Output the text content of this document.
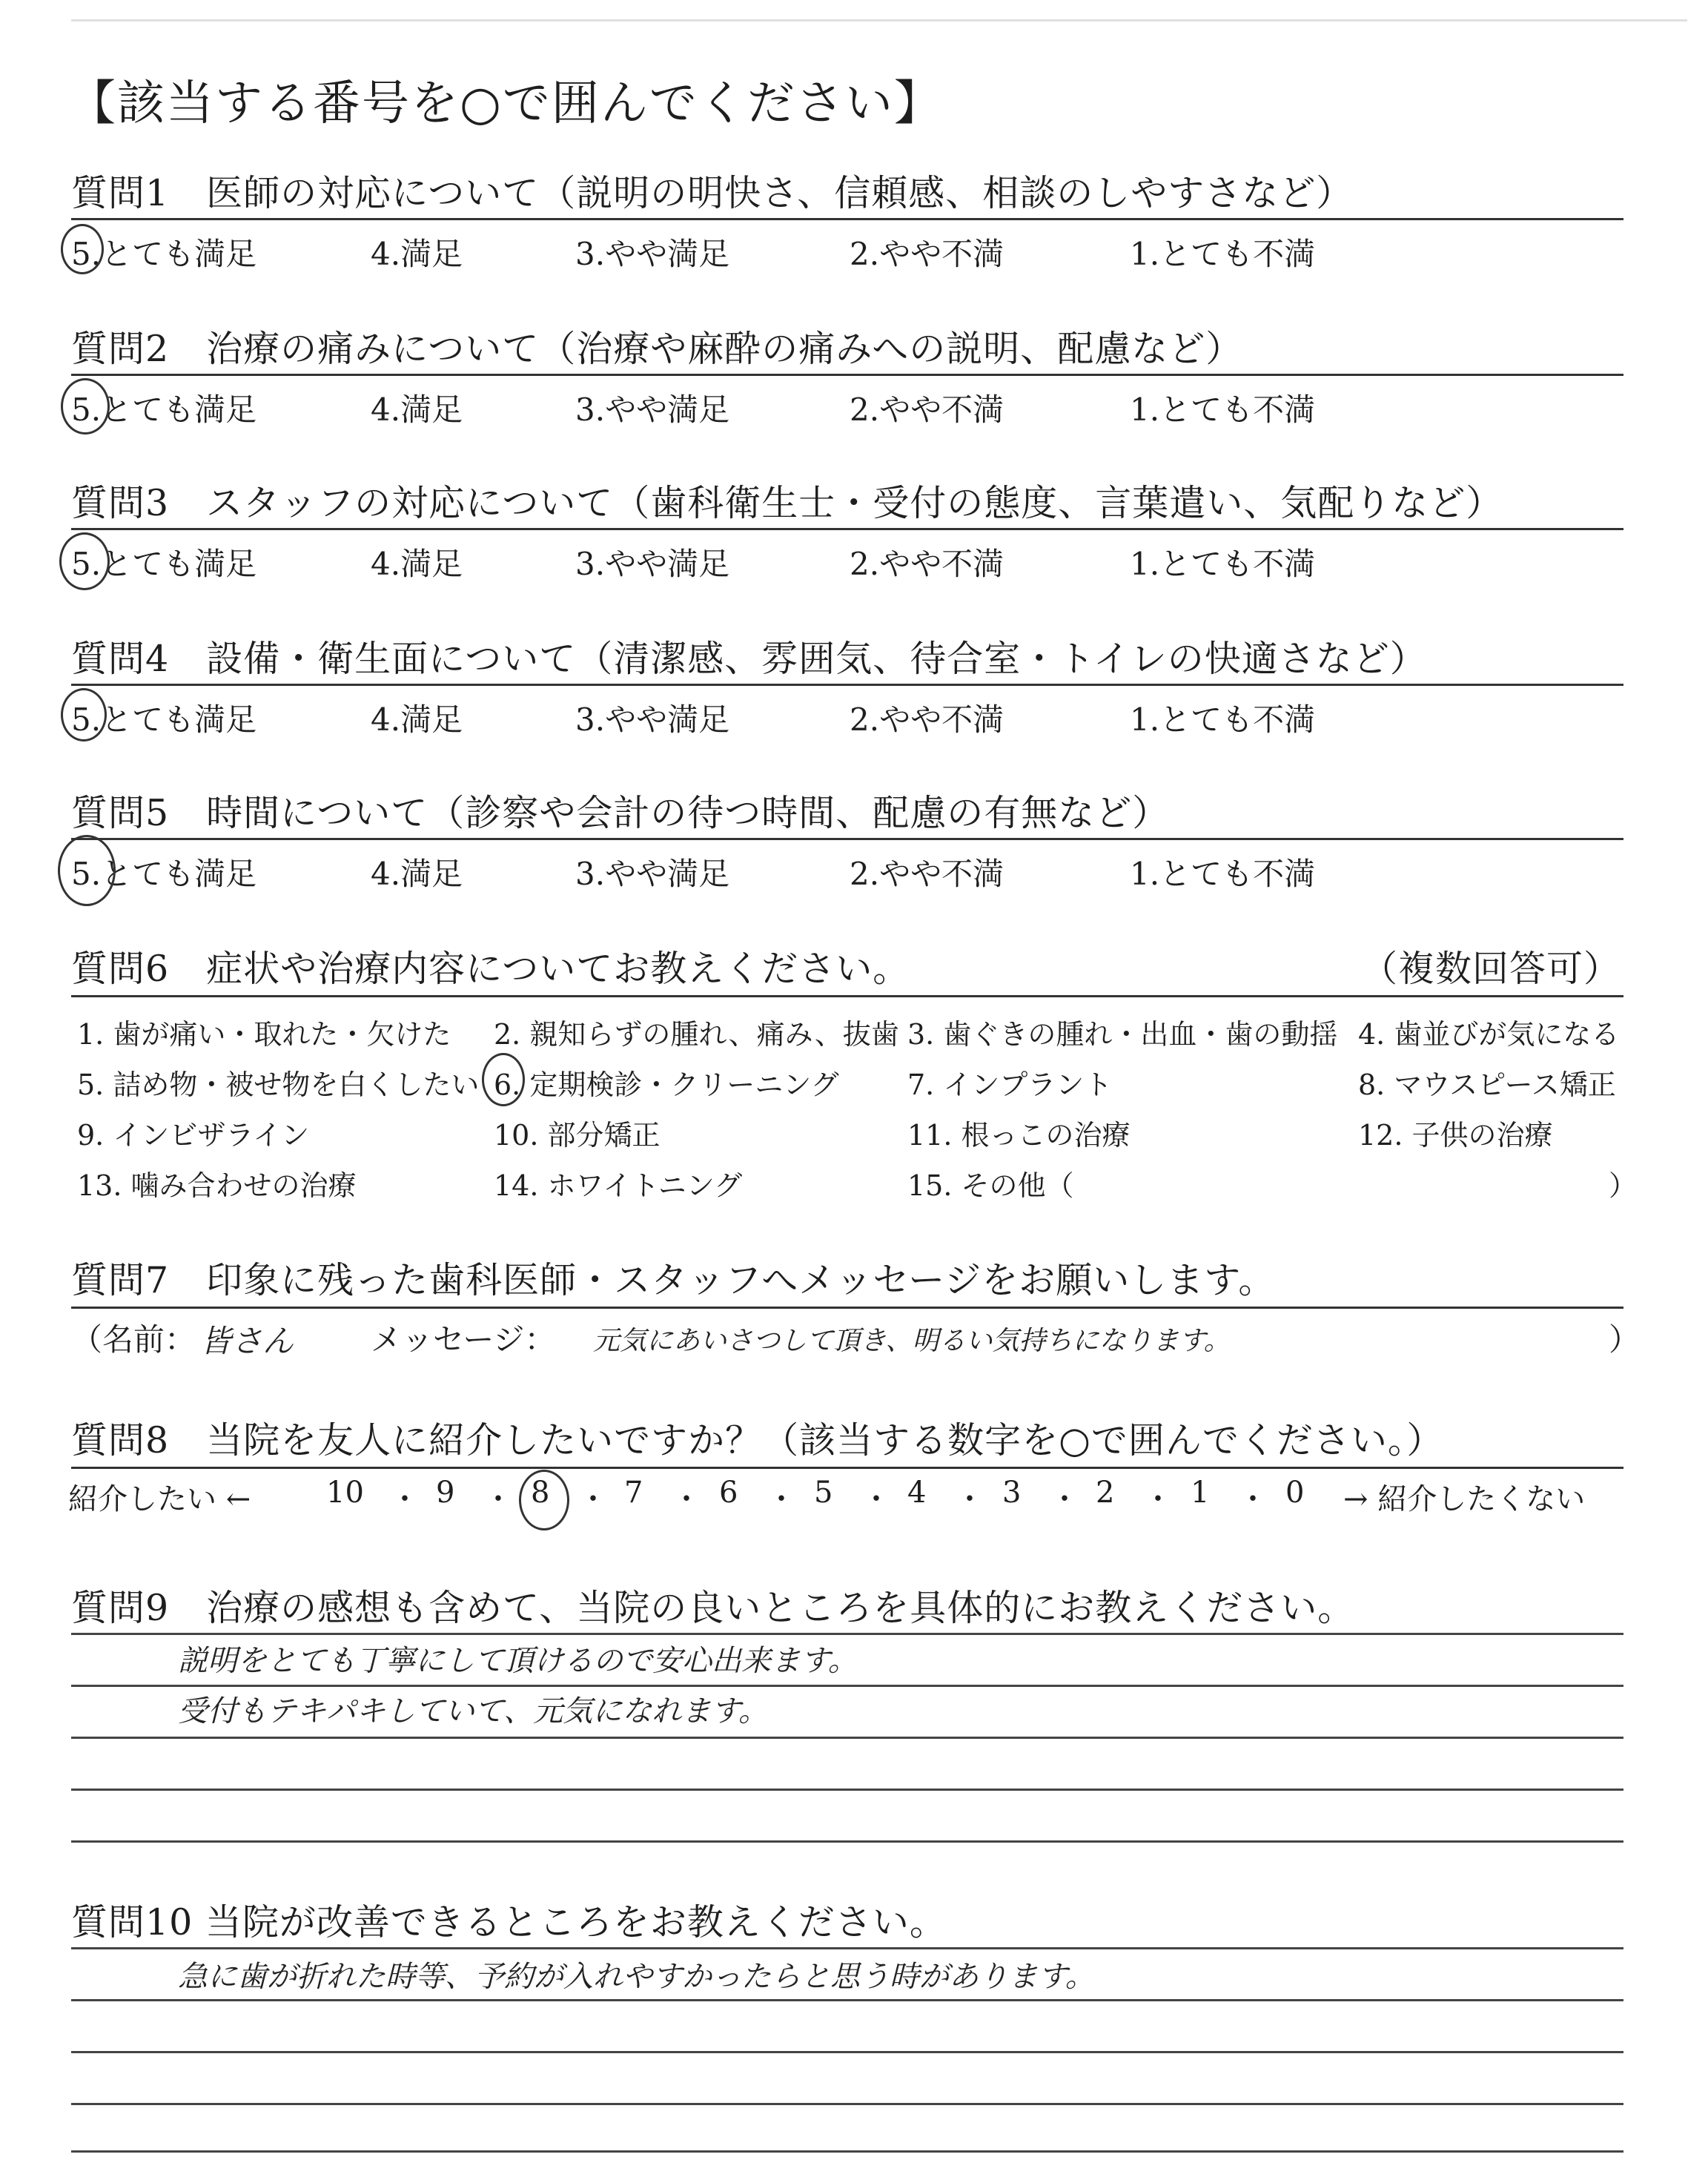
【該当する番号を○で囲んでください】
質問1　医師の対応について（説明の明快さ、信頼感、相談のしやすさなど）
5.とても満足	4.満足	3.やや満足	2.やや不満	1.とても不満
質問2　治療の痛みについて（治療や麻酔の痛みへの説明、配慮など）
5.とても満足	4.満足	3.やや満足	2.やや不満	1.とても不満
質問3　スタッフの対応について（歯科衛生士・受付の態度、言葉遣い、気配りなど）
5.とても満足	4.満足	3.やや満足	2.やや不満	1.とても不満
質問4　設備・衛生面について（清潔感、雰囲気、待合室・トイレの快適さなど）
5.とても満足	4.満足	3.やや満足	2.やや不満	1.とても不満
質問5　時間について（診察や会計の待つ時間、配慮の有無など）
5.とても満足	4.満足	3.やや満足	2.やや不満	1.とても不満
質問6　症状や治療内容についてお教えください。	（複数回答可）
1. 歯が痛い・取れた・欠けた 2. 親知らずの腫れ、痛み、抜歯 3. 歯ぐきの腫れ・出血・歯の動揺 4. 歯並びが気になる
5. 詰め物・被せ物を白くしたい 6. 定期検診・クリーニング 7. インプラント	8. マウスピース矯正
9. インビザライン	10. 部分矯正	11. 根っこの治療	12. 子供の治療
13. 噛み合わせの治療	14. ホワイトニング	15. その他（	）
質問7　印象に残った歯科医師・スタッフへメッセージをお願いします。
（名前： 皆さん メッセージ： 元気にあいさつして頂き、明るい気持ちになります。	）
質問8　当院を友人に紹介したいですか？（該当する数字を○で囲んでください。）
紹介したい ←	10 ・ 9 ・ 8 ・ 7 ・ 6 ・ 5 ・ 4 ・ 3 ・ 2 ・ 1 ・ 0 → 紹介したくない
質問9　治療の感想も含めて、当院の良いところを具体的にお教えください。
説明をとても丁寧にして頂けるので安心出来ます。
受付もテキパキしていて、元気になれます。
質問10 当院が改善できるところをお教えください。
急に歯が折れた時等、予約が入れやすかったらと思う時があります。
